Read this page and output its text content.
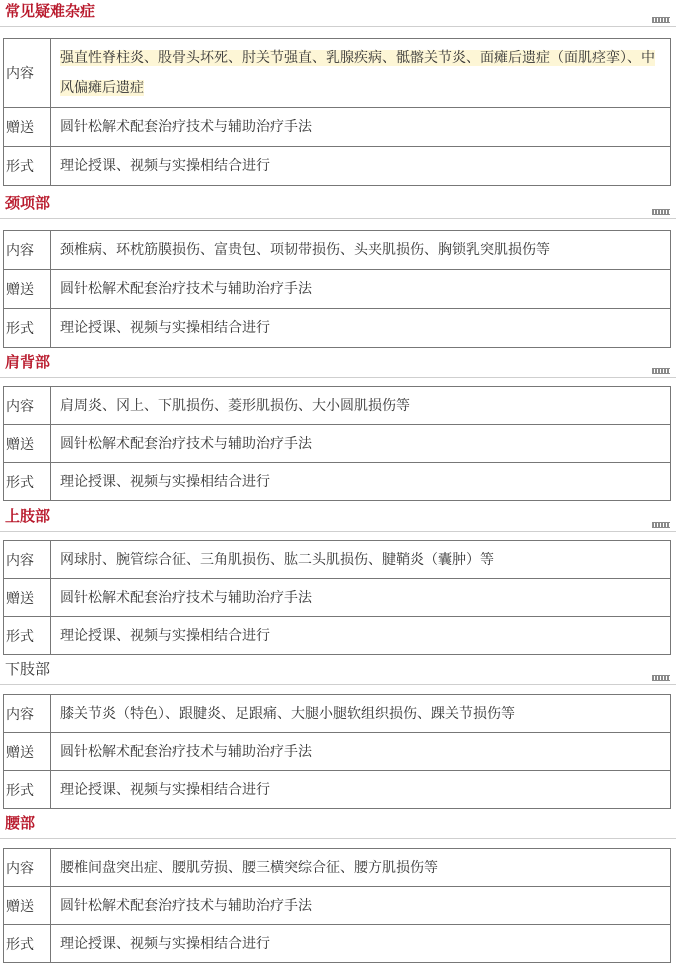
常见疑难杂症
内容	强直性脊柱炎、股骨头坏死、肘关节强直、乳腺疾病、骶髂关节炎、面瘫后遗症（面肌痉挛）、中风偏瘫后遗症
赠送	圆针松解术配套治疗技术与辅助治疗手法
形式	理论授课、视频与实操相结合进行
颈项部
内容	颈椎病、环枕筋膜损伤、富贵包、项韧带损伤、头夹肌损伤、胸锁乳突肌损伤等
赠送	圆针松解术配套治疗技术与辅助治疗手法
形式	理论授课、视频与实操相结合进行
肩背部
内容	肩周炎、冈上、下肌损伤、菱形肌损伤、大小圆肌损伤等
赠送	圆针松解术配套治疗技术与辅助治疗手法
形式	理论授课、视频与实操相结合进行
上肢部
内容	网球肘、腕管综合征、三角肌损伤、肱二头肌损伤、腱鞘炎（囊肿）等
赠送	圆针松解术配套治疗技术与辅助治疗手法
形式	理论授课、视频与实操相结合进行
下肢部
内容	膝关节炎（特色）、跟腱炎、足跟痛、大腿小腿软组织损伤、踝关节损伤等
赠送	圆针松解术配套治疗技术与辅助治疗手法
形式	理论授课、视频与实操相结合进行
腰部
内容	腰椎间盘突出症、腰肌劳损、腰三横突综合征、腰方肌损伤等
赠送	圆针松解术配套治疗技术与辅助治疗手法
形式	理论授课、视频与实操相结合进行
